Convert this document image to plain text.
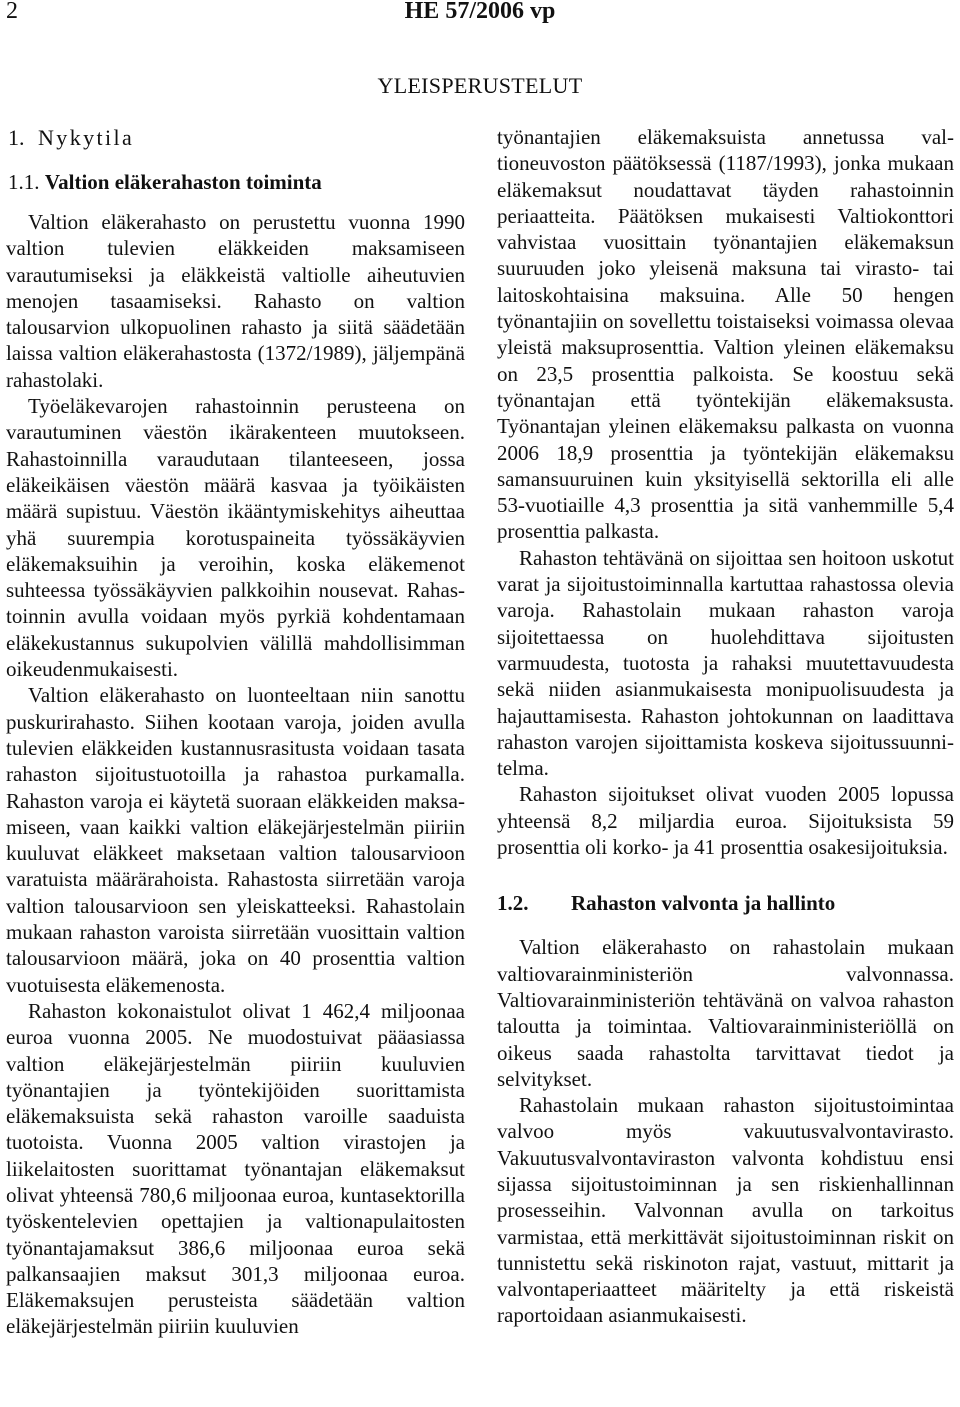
2	HE 57/2006 vp
YLEISPERUSTELUT
1. Nykytila
1.1. Valtion eläkerahaston toiminta

Valtion eläkerahasto on perustettu vuonna 1990 valtion tulevien eläkkeiden maksamiseen varautumiseksi ja eläkkeistä valtiolle aiheutuvien menojen tasaamiseksi. Rahasto on valtion talousarvion ulkopuolinen rahasto ja siitä säädetään laissa valtion eläkerahastosta (1372/1989), jäljempänä rahastolaki.

Työeläkevarojen rahastoinnin perusteena on varautuminen väestön ikärakenteen muutokseen. Rahastoinnilla varaudutaan tilanteeseen, jossa eläkeikäisen väestön määrä kasvaa ja työikäisten määrä supistuu. Väestön ikääntymiskehitys aiheuttaa yhä suurempia korotuspaineita työssäkäyvien eläkemaksuihin ja veroihin, koska eläkemenot suhteessa työssäkäyvien palkkoihin nousevat. Rahastoinnin avulla voidaan myös pyrkiä kohdentamaan eläkekustannus sukupolvien välillä mahdollisimman oikeudenmukaisesti.

Valtion eläkerahasto on luonteeltaan niin sanottu puskurirahasto. Siihen kootaan varoja, joiden avulla tulevien eläkkeiden kustannusrasitusta voidaan tasata rahaston sijoitustuotoilla ja rahastoa purkamalla. Rahaston varoja ei käytetä suoraan eläkkeiden maksamiseen, vaan kaikki valtion eläkejärjestelmän piiriin kuuluvat eläkkeet maksetaan valtion talousarvioon varatuista määrärahoista. Rahastosta siirretään varoja valtion talousarvioon sen yleiskatteeksi. Rahastolain mukaan rahaston varoista siirretään vuosittain valtion talousarvioon määrä, joka on 40 prosenttia valtion vuotuisesta eläkemenosta.

Rahaston kokonaistulot olivat 1 462,4 miljoonaa euroa vuonna 2005. Ne muodostuivat pääasiassa valtion eläkejärjestelmän piiriin kuuluvien työnantajien ja työntekijöiden suorittamista eläkemaksuista sekä rahaston varoille saaduista tuotoista. Vuonna 2005 valtion virastojen ja liikelaitosten suorittamat työnantajan eläkemaksut olivat yhteensä 780,6 miljoonaa euroa, kuntasektorilla työskentelevien opettajien ja valtionapulaitosten työnantajamaksut 386,6 miljoonaa euroa sekä palkansaajien maksut 301,3 miljoonaa euroa. Eläkemaksujen perusteista säädetään valtion eläkejärjestelmän piiriin kuuluvien

työnantajien eläkemaksuista annetussa valtioneuvoston päätöksessä (1187/1993), jonka mukaan eläkemaksut noudattavat täyden rahastoinnin periaatteita. Päätöksen mukaisesti Valtiokonttori vahvistaa vuosittain työnantajien eläkemaksun suuruuden joko yleisenä maksuna tai virasto- tai laitoskohtaisina maksuina. Alle 50 hengen työnantajiin on sovellettu toistaiseksi voimassa olevaa yleistä maksuprosenttia. Valtion yleinen eläkemaksu on 23,5 prosenttia palkoista. Se koostuu sekä työnantajan että työntekijän eläkemaksusta. Työnantajan yleinen eläkemaksu palkasta on vuonna 2006 18,9 prosenttia ja työntekijän eläkemaksu samansuuruinen kuin yksityisellä sektorilla eli alle 53-vuotiaille 4,3 prosenttia ja sitä vanhemmille 5,4 prosenttia palkasta.

Rahaston tehtävänä on sijoittaa sen hoitoon uskotut varat ja sijoitustoiminnalla kartuttaa rahastossa olevia varoja. Rahastolain mukaan rahaston varoja sijoitettaessa on huolehdittava sijoitusten varmuudesta, tuotosta ja rahaksi muutettavuudesta sekä niiden asianmukaisesta monipuolisuudesta ja hajauttamisesta. Rahaston johtokunnan on laadittava rahaston varojen sijoittamista koskeva sijoitussuunnitelma.

Rahaston sijoitukset olivat vuoden 2005 lopussa yhteensä 8,2 miljardia euroa. Sijoituksista 59 prosenttia oli korko- ja 41 prosenttia osakesijoituksia.

1.2. Rahaston valvonta ja hallinto

Valtion eläkerahasto on rahastolain mukaan valtiovarainministeriön valvonnassa. Valtiovarainministeriön tehtävänä on valvoa rahaston taloutta ja toimintaa. Valtiovarainministeriöllä on oikeus saada rahastolta tarvittavat tiedot ja selvitykset.

Rahastolain mukaan rahaston sijoitustoimintaa valvoo myös vakuutusvalvontavirasto. Vakuutusvalvontaviraston valvonta kohdistuu ensi sijassa sijoitustoiminnan ja sen riskienhallinnan prosesseihin. Valvonnan avulla on tarkoitus varmistaa, että merkittävät sijoitustoiminnan riskit on tunnistettu sekä riskinoton rajat, vastuut, mittarit ja valvontaperiaatteet määritelty ja että riskeistä raportoidaan asianmukaisesti.
